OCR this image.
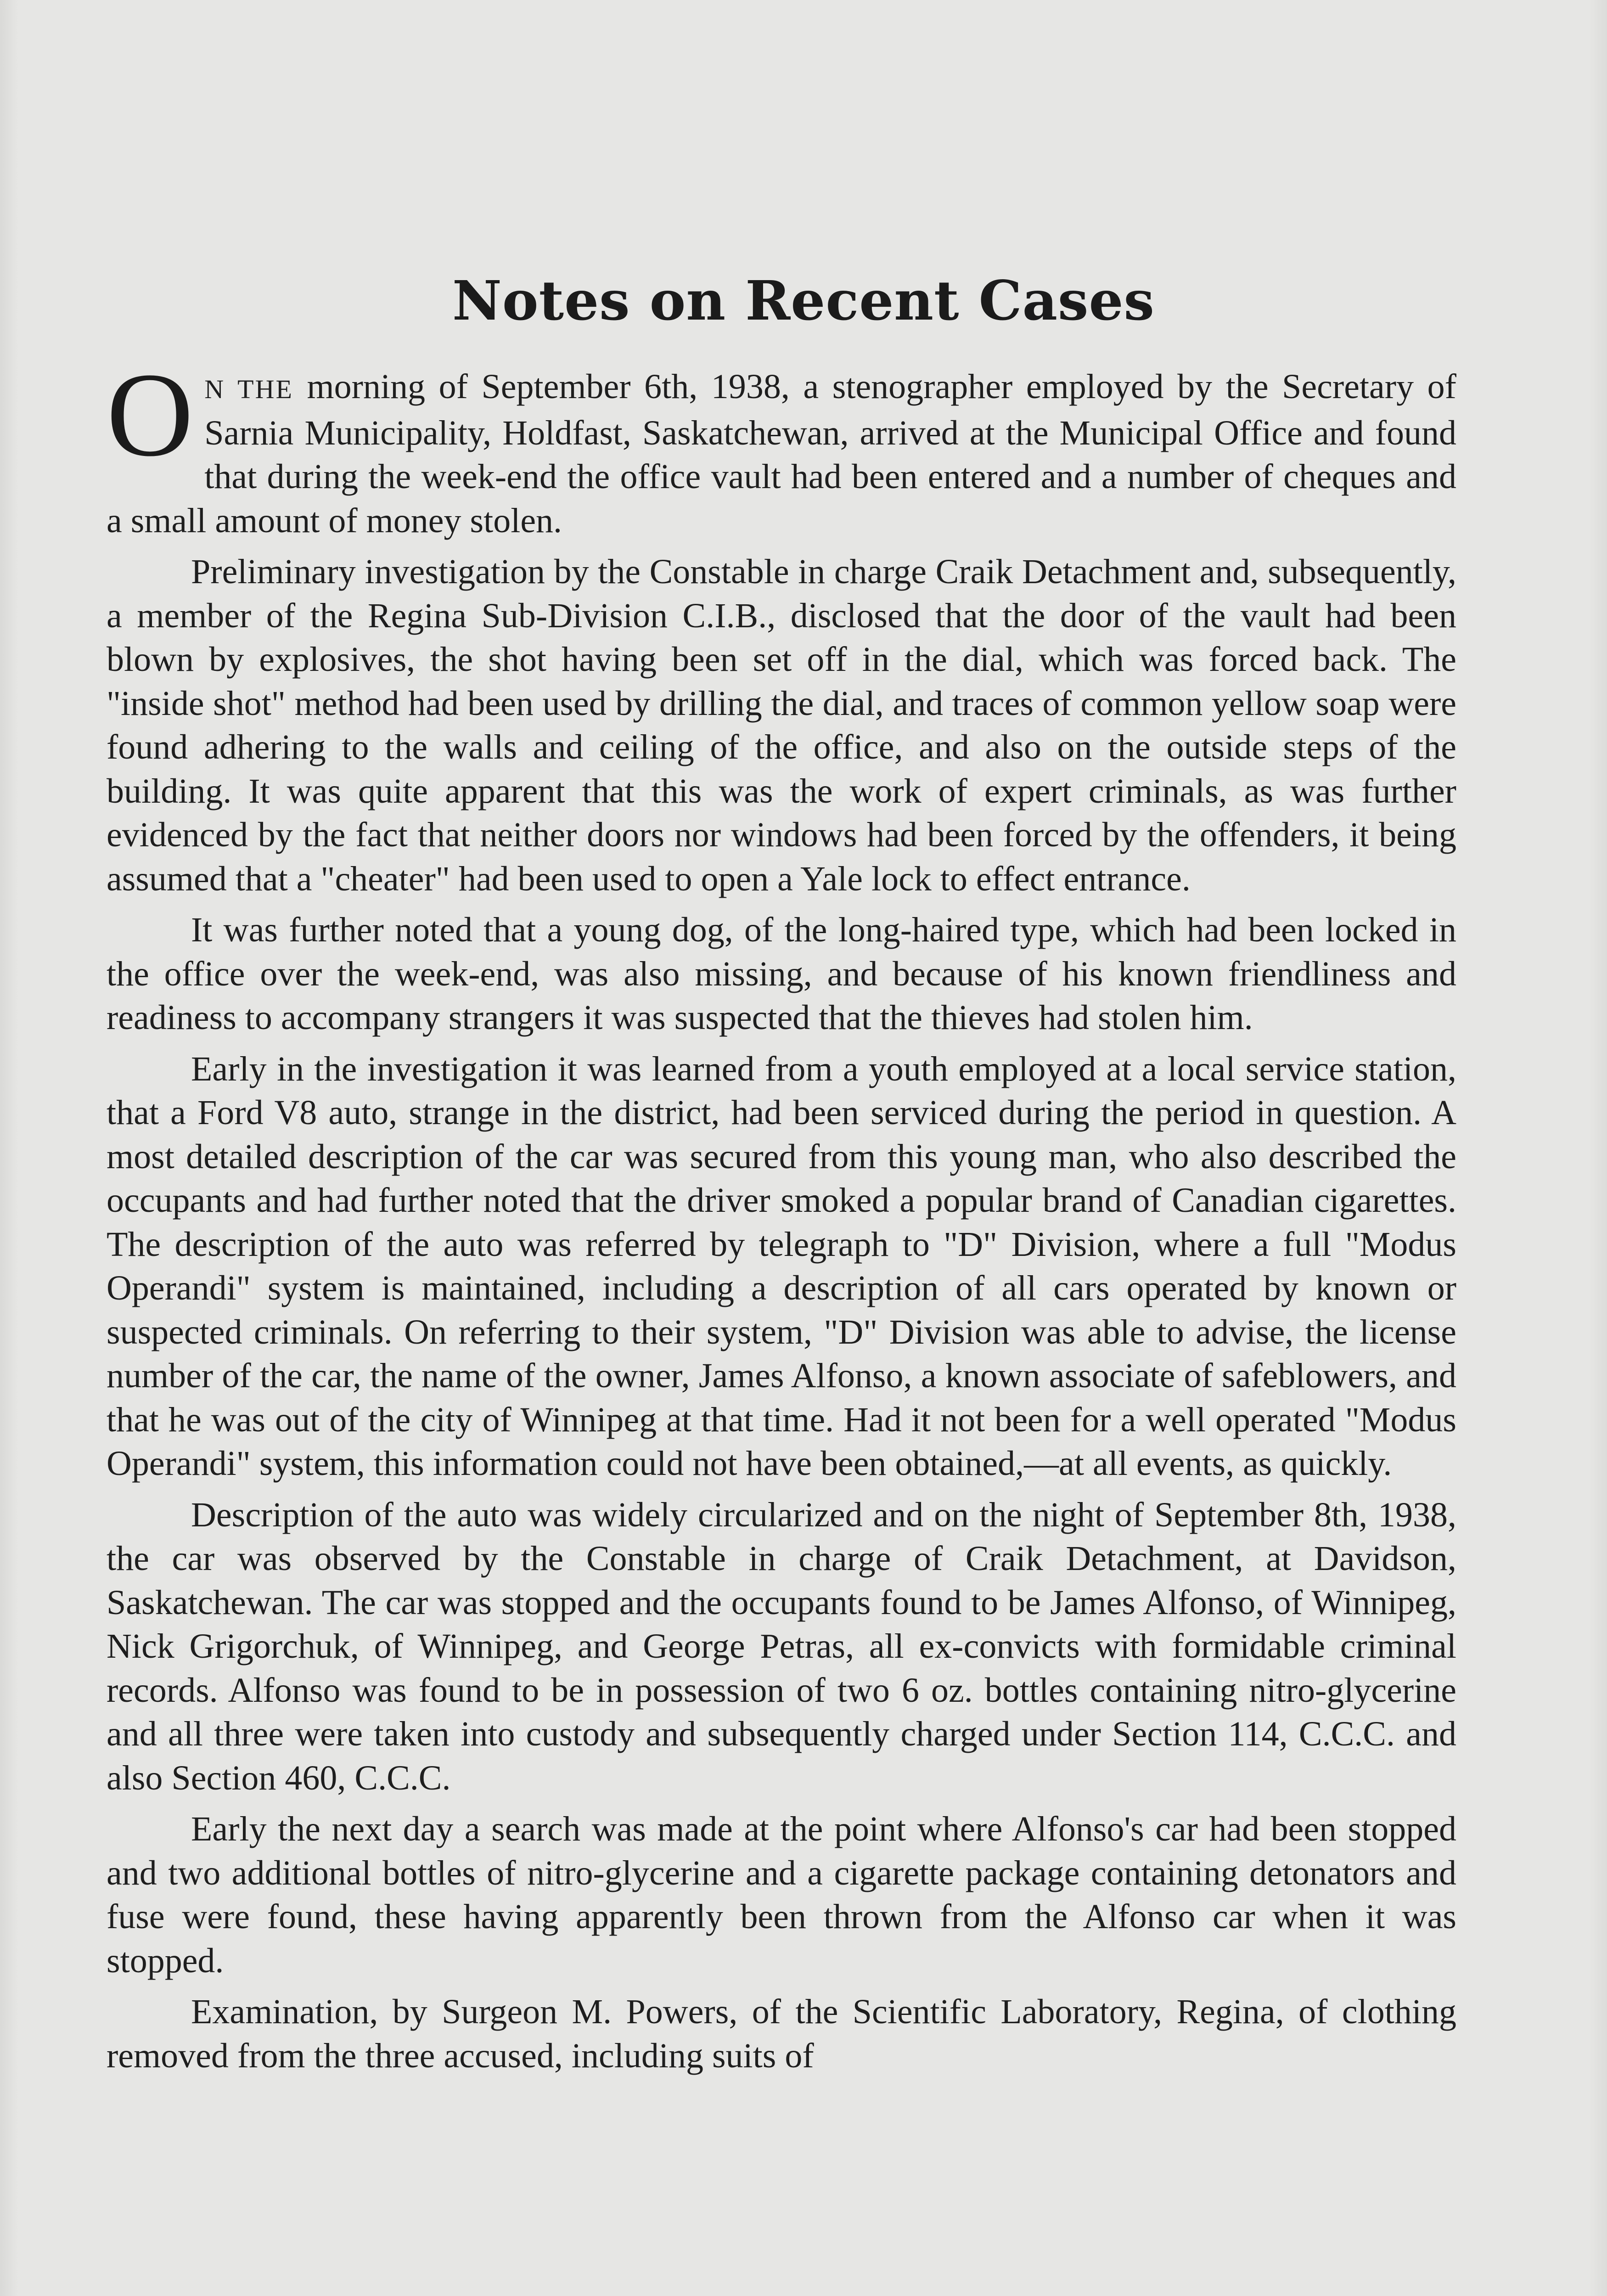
Notes on Recent Cases

O N THE morning of September 6th, 1938, a stenographer employed by the Secretary of Sarnia Municipality, Holdfast, Saskatchewan, arrived at the Municipal Office and found that during the week-end the office vault had been entered and a number of cheques and a small amount of money stolen.

Preliminary investigation by the Constable in charge Craik Detachment and, subsequently, a member of the Regina Sub-Division C.I.B., disclosed that the door of the vault had been blown by explosives, the shot having been set off in the dial, which was forced back. The "inside shot" method had been used by drilling the dial, and traces of common yellow soap were found adhering to the walls and ceiling of the office, and also on the outside steps of the building. It was quite apparent that this was the work of expert criminals, as was further evidenced by the fact that neither doors nor windows had been forced by the offenders, it being assumed that a "cheater" had been used to open a Yale lock to effect entrance.

It was further noted that a young dog, of the long-haired type, which had been locked in the office over the week-end, was also missing, and because of his known friendliness and readiness to accompany strangers it was suspected that the thieves had stolen him.

Early in the investigation it was learned from a youth employed at a local service station, that a Ford V8 auto, strange in the district, had been serviced during the period in question. A most detailed description of the car was secured from this young man, who also described the occupants and had further noted that the driver smoked a popular brand of Canadian cigarettes. The description of the auto was referred by telegraph to "D" Division, where a full "Modus Operandi" system is maintained, including a description of all cars operated by known or suspected criminals. On referring to their system, "D" Division was able to advise, the license number of the car, the name of the owner, James Alfonso, a known associate of safeblowers, and that he was out of the city of Winnipeg at that time. Had it not been for a well operated "Modus Operandi" system, this information could not have been obtained,—at all events, as quickly.

Description of the auto was widely circularized and on the night of September 8th, 1938, the car was observed by the Constable in charge of Craik Detachment, at Davidson, Saskatchewan. The car was stopped and the occupants found to be James Alfonso, of Winnipeg, Nick Grigorchuk, of Winnipeg, and George Petras, all ex-convicts with formidable criminal records. Alfonso was found to be in possession of two 6 oz. bottles containing nitro-glycerine and all three were taken into custody and subsequently charged under Section 114, C.C.C. and also Section 460, C.C.C.

Early the next day a search was made at the point where Alfonso's car had been stopped and two additional bottles of nitro-glycerine and a cigarette package containing detonators and fuse were found, these having apparently been thrown from the Alfonso car when it was stopped.

Examination, by Surgeon M. Powers, of the Scientific Laboratory, Regina, of clothing removed from the three accused, including suits of
